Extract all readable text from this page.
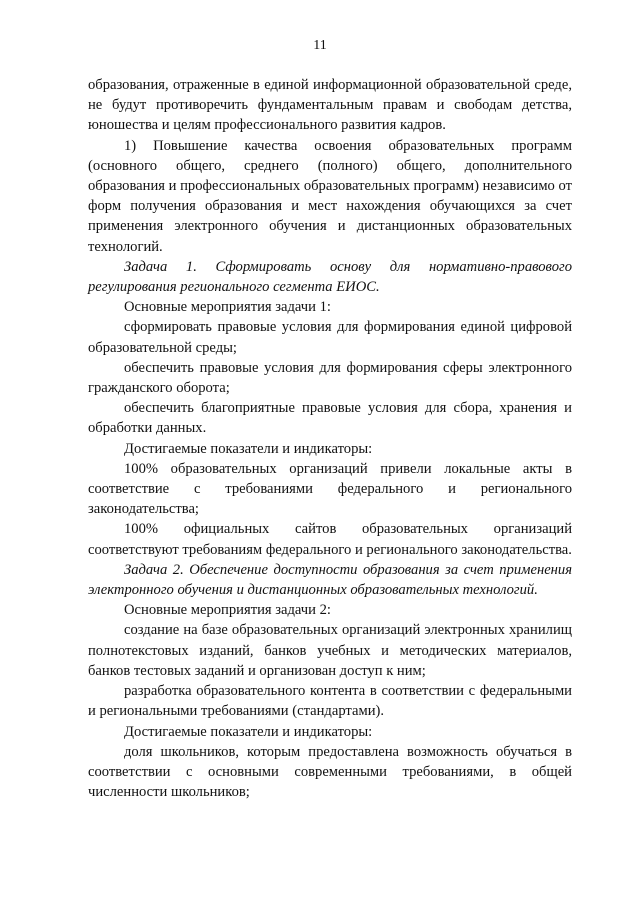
11

образования, отраженные в единой информационной образовательной среде, не будут противоречить фундаментальным правам и свободам детства, юношества и целям профессионального развития кадров.

1) Повышение качества освоения образовательных программ (основного общего, среднего (полного) общего, дополнительного образования и профессиональных образовательных программ) независимо от форм получения образования и мест нахождения обучающихся за счет применения электронного обучения и дистанционных образовательных технологий.

Задача 1. Сформировать основу для нормативно-правового регулирования регионального сегмента ЕИОС.

Основные мероприятия задачи 1:

сформировать правовые условия для формирования единой цифровой образовательной среды;

обеспечить правовые условия для формирования сферы электронного гражданского оборота;

обеспечить благоприятные правовые условия для сбора, хранения и обработки данных.

Достигаемые показатели и индикаторы:

100% образовательных организаций привели локальные акты в соответствие с требованиями федерального и регионального законодательства;

100% официальных сайтов образовательных организаций соответствуют требованиям федерального и регионального законодательства.

Задача 2. Обеспечение доступности образования за счет применения электронного обучения и дистанционных образовательных технологий.

Основные мероприятия задачи 2:

создание на базе образовательных организаций электронных хранилищ полнотекстовых изданий, банков учебных и методических материалов, банков тестовых заданий и организован доступ к ним;

разработка образовательного контента в соответствии с федеральными и региональными требованиями (стандартами).

Достигаемые показатели и индикаторы:

доля школьников, которым предоставлена возможность обучаться в соответствии с основными современными требованиями, в общей численности школьников;
